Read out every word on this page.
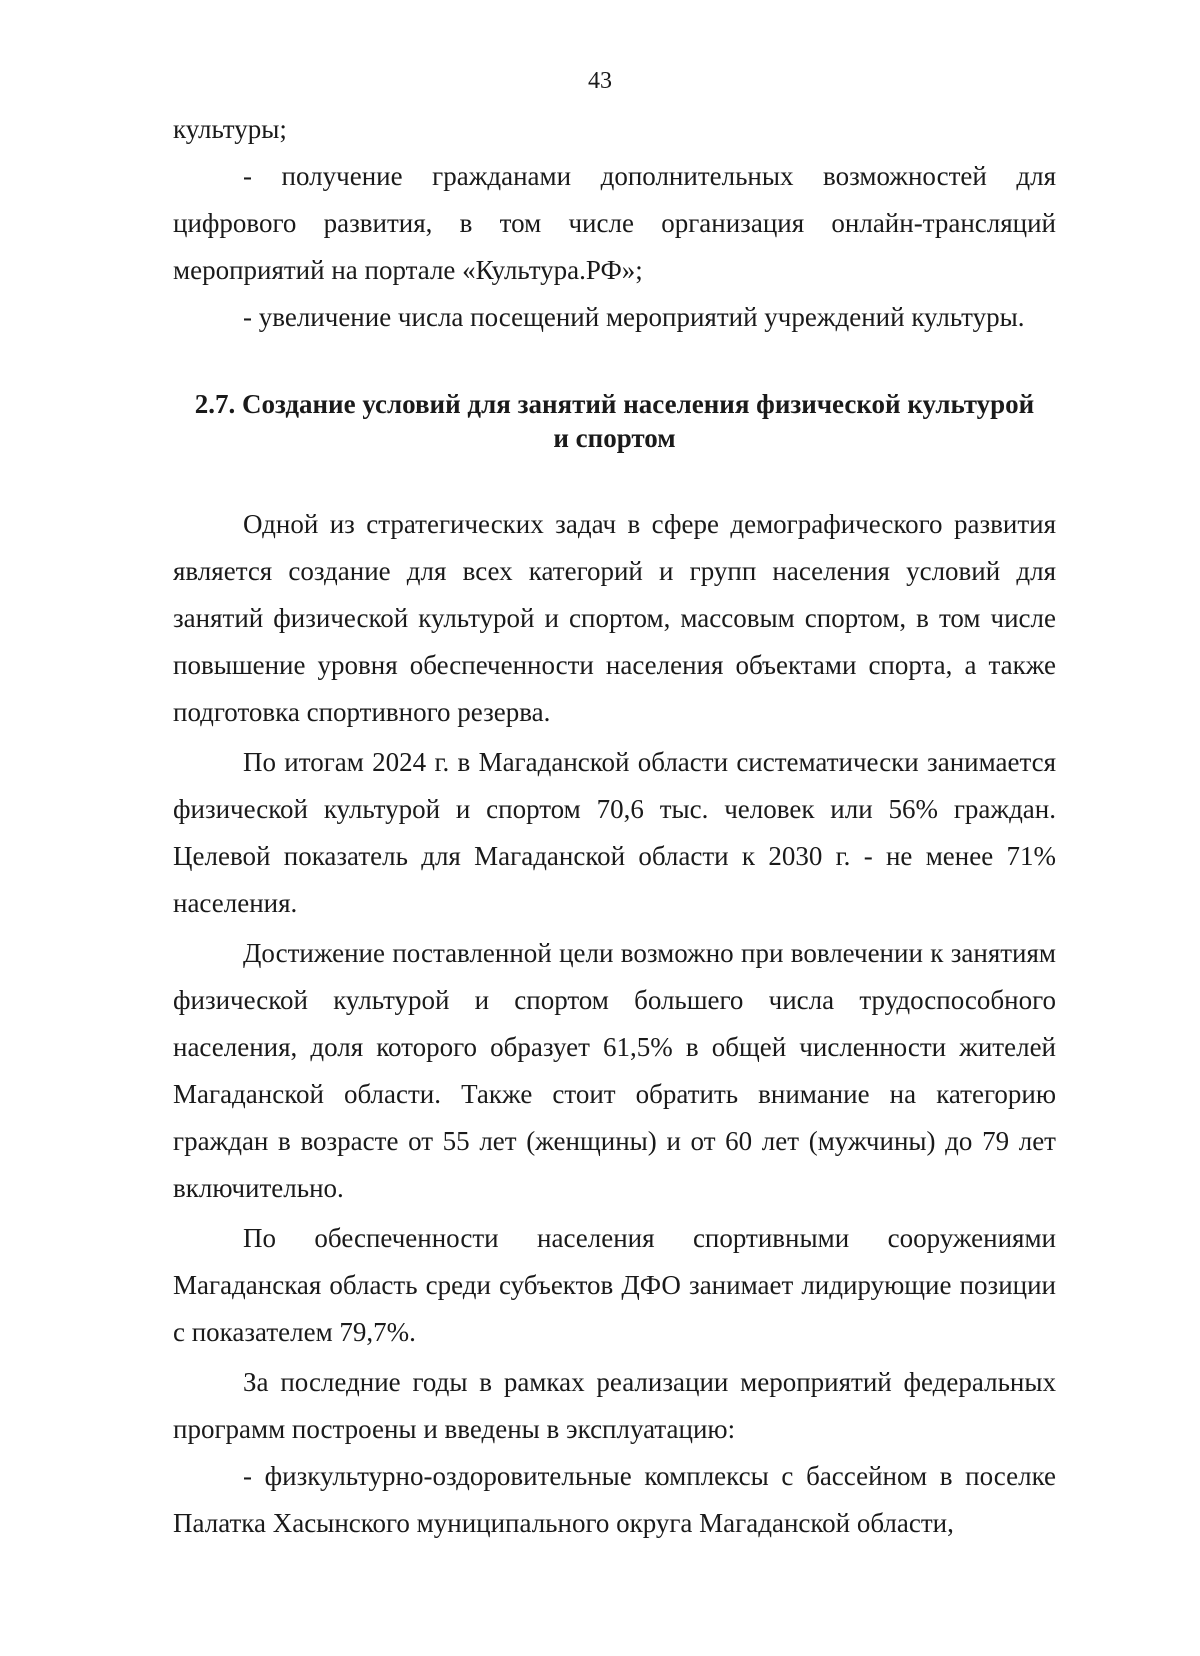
43

культуры;

- получение гражданами дополнительных возможностей для цифрового развития, в том числе организация онлайн-трансляций мероприятий на портале «Культура.РФ»;

- увеличение числа посещений мероприятий учреждений культуры.

2.7. Создание условий для занятий населения физической культурой
и спортом

Одной из стратегических задач в сфере демографического развития является создание для всех категорий и групп населения условий для занятий физической культурой и спортом, массовым спортом, в том числе повышение уровня обеспеченности населения объектами спорта, а также подготовка спортивного резерва.

По итогам 2024 г. в Магаданской области систематически занимается физической культурой и спортом 70,6 тыс. человек или 56% граждан. Целевой показатель для Магаданской области к 2030 г. - не менее 71% населения.

Достижение поставленной цели возможно при вовлечении к занятиям физической культурой и спортом большего числа трудоспособного населения, доля которого образует 61,5% в общей численности жителей Магаданской области. Также стоит обратить внимание на категорию граждан в возрасте от 55 лет (женщины) и от 60 лет (мужчины) до 79 лет включительно.

По обеспеченности населения спортивными сооружениями Магаданская область среди субъектов ДФО занимает лидирующие позиции с показателем 79,7%.

За последние годы в рамках реализации мероприятий федеральных программ построены и введены в эксплуатацию:

- физкультурно-оздоровительные комплексы с бассейном в поселке Палатка Хасынского муниципального округа Магаданской области,
